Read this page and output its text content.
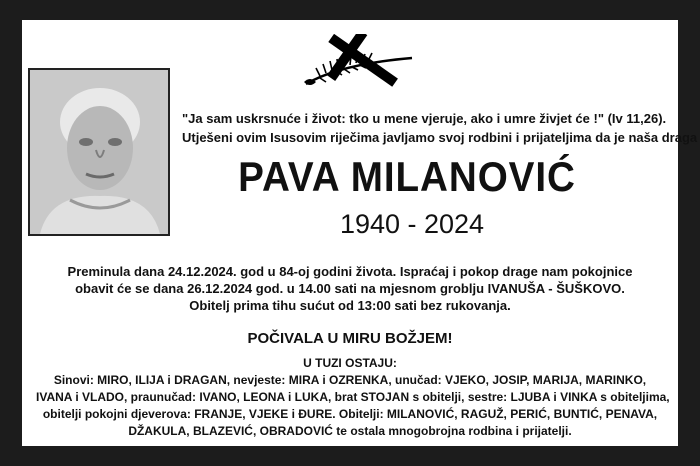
"Ja sam uskrsnuće i život: tko u mene vjeruje, ako i umre živjet će !" (Iv 11,26).
Utješeni ovim Isusovim riječima javljamo svoj rodbini i prijateljima da je naša draga
PAVA MILANOVIĆ
1940 - 2024
Preminula dana 24.12.2024. god u 84-oj godini života. Ispraćaj i pokop drage nam pokojnice
obavit će se dana 26.12.2024 god. u 14.00 sati na mjesnom groblju IVANUŠA - ŠUŠKOVO.
Obitelj prima tihu sućut od 13:00 sati bez rukovanja.
POČIVALA U MIRU BOŽJEM!
U TUZI OSTAJU:
Sinovi: MIRO, ILIJA i DRAGAN, nevjeste: MIRA i OZRENKA, unučad: VJEKO, JOSIP, MARIJA, MARINKO,
IVANA i VLADO, praunučad: IVANO, LEONA i LUKA, brat STOJAN s obitelji, sestre: LJUBA i VINKA s obiteljima,
obitelji pokojni djeverova: FRANJE, VJEKE i ĐURE. Obitelji: MILANOVIĆ, RAGUŽ, PERIĆ, BUNTIĆ, PENAVA,
DŽAKULA, BLAZEVIĆ, OBRADOVIĆ te ostala mnogobrojna rodbina i prijatelji.
